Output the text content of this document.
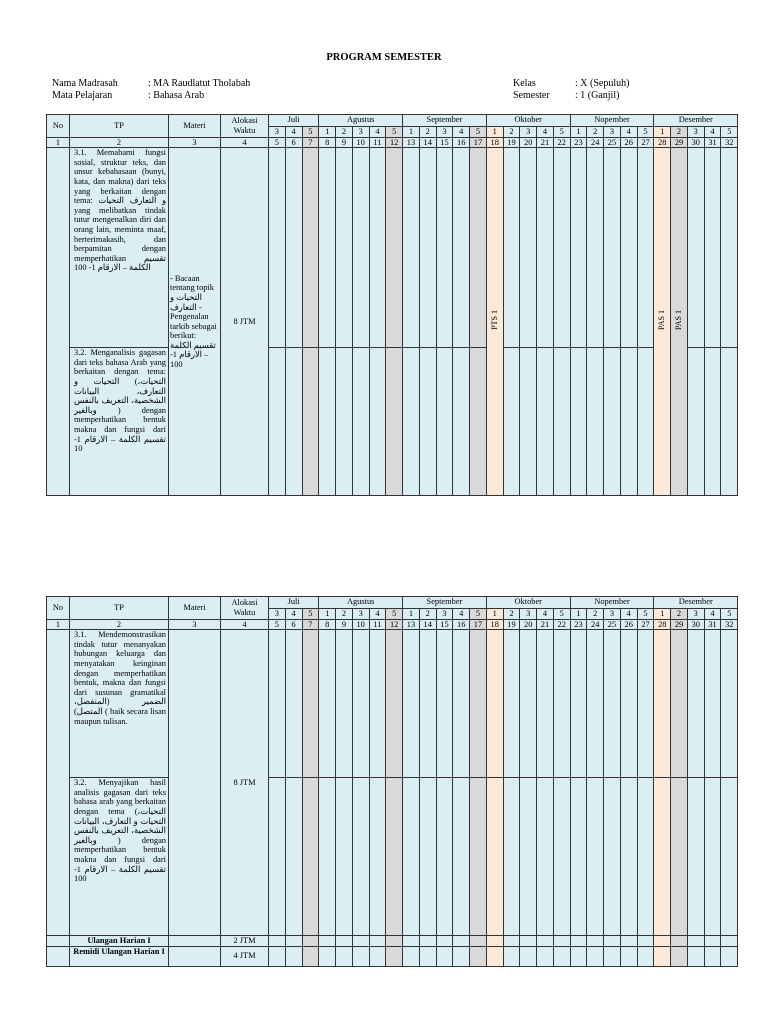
PROGRAM SEMESTER
Nama Madrasah	: MA Raudlatut Tholabah
Mata Pelajaran	: Bahasa Arab
Kelas	: X (Sepuluh)
Semester	: 1 (Ganjil)
No	TP	Materi	Alokasi Waktu	Juli			Agustus					September					Oktober					Nopember					Desember				
				3	4	5	1	2	3	4	5	1	2	3	4	5	1	2	3	4	5	1	2	3	4	5	1	2	3	4	5
1	2	3	4	5	6	7	8	9	10	11	12	13	14	15	16	17	18	19	20	21	22	23	24	25	26	27	28	29	30	31	32
	3.1. Memahami fungsi sosial, struktur teks, dan unsur kebahasaan (bunyi, kata, dan makna) dari teks yang berkaitan dengan tema: و التعارف التحيات yang melibatkan tindak tutur mengenalkan diri dan orang lain, meminta maaf, berterimakasih, dan berpamitan dengan memperhatikan تقسيم الكلمة – الارقام 1- 100	- Bacaan tentang topik التحيات و التعارف - Pengenalan tarkib sebagai berikut: تقسيم الكلمة – الارقام 1- 100	8 JTM														PTS 1										PAS 1	PAS 1			
	3.2. Menganalisis gagasan dari teks bahasa Arab yang berkaitan dengan tema: التحيات،) التحيات و التعارف، البيانات الشخصية، التعريف بالنفس وبالغير ) dengan memperhatikan bentuk makna dan fungsi dari تقسيم الكلمة – الارقام 1- 10																														
No	TP	Materi	Alokasi Waktu	Juli			Agustus					September					Oktober					Nopember					Desember				
				3	4	5	1	2	3	4	5	1	2	3	4	5	1	2	3	4	5	1	2	3	4	5	1	2	3	4	5
1	2	3	4	5	6	7	8	9	10	11	12	13	14	15	16	17	18	19	20	21	22	23	24	25	26	27	28	29	30	31	32
	3.1. Mendemonstrasikan tindak tutur menanyakan hubungan keluarga dan menyatakan keinginan dengan memperhatikan bentuk, makna dan fungsi dari susunan gramatikal الضمير (المنفصل، المتصل) ( baik secara lisan maupun tulisan.		8 JTM																												
	3.2. Menyajikan hasil analisis gagasan dari teks bahasa arab yang berkaitan dengan tema التحيات،) التحيات و التعارف، البيانات الشخصية، التعريف بالنفس وبالغير ) dengan memperhatikan bentuk makna dan fungsi dari تقسيم الكلمة – الارقام 1- 100																														
	Ulangan Harian I		2 JTM																												
	Remidi Ulangan Harian I		4 JTM																												
